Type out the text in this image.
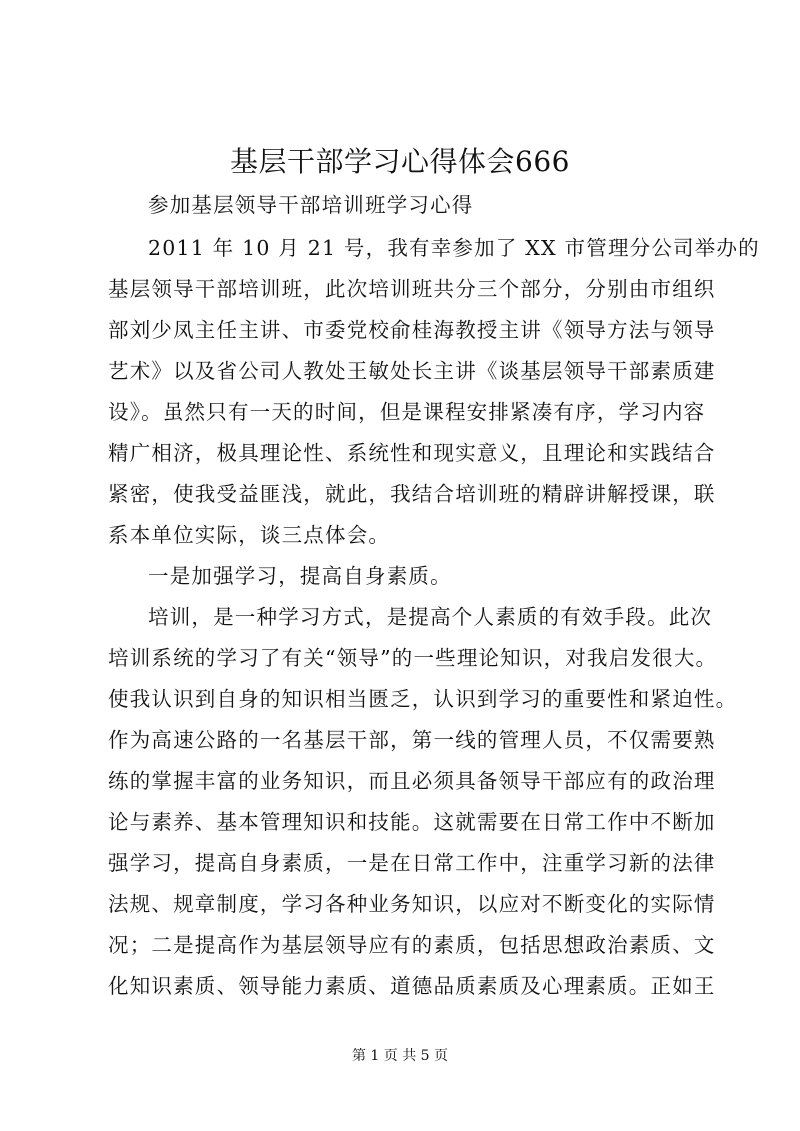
基层干部学习心得体会666

参加基层领导干部培训班学习心得

2011 年 10 月 21 号，我有幸参加了 XX 市管理分公司举办的

基层领导干部培训班，此次培训班共分三个部分，分别由市组织

部刘少凤主任主讲、市委党校俞桂海教授主讲《领导方法与领导

艺术》以及省公司人教处王敏处长主讲《谈基层领导干部素质建

设》。虽然只有一天的时间，但是课程安排紧凑有序，学习内容

精广相济，极具理论性、系统性和现实意义，且理论和实践结合

紧密，使我受益匪浅，就此，我结合培训班的精辟讲解授课，联

系本单位实际，谈三点体会。

一是加强学习，提高自身素质。

培训，是一种学习方式，是提高个人素质的有效手段。此次

培训系统的学习了有关“领导”的一些理论知识，对我启发很大。

使我认识到自身的知识相当匮乏，认识到学习的重要性和紧迫性。

作为高速公路的一名基层干部，第一线的管理人员，不仅需要熟

练的掌握丰富的业务知识，而且必须具备领导干部应有的政治理

论与素养、基本管理知识和技能。这就需要在日常工作中不断加

强学习，提高自身素质，一是在日常工作中，注重学习新的法律

法规、规章制度，学习各种业务知识，以应对不断变化的实际情

况；二是提高作为基层领导应有的素质，包括思想政治素质、文

化知识素质、领导能力素质、道德品质素质及心理素质。正如王

第 1 页 共 5 页
